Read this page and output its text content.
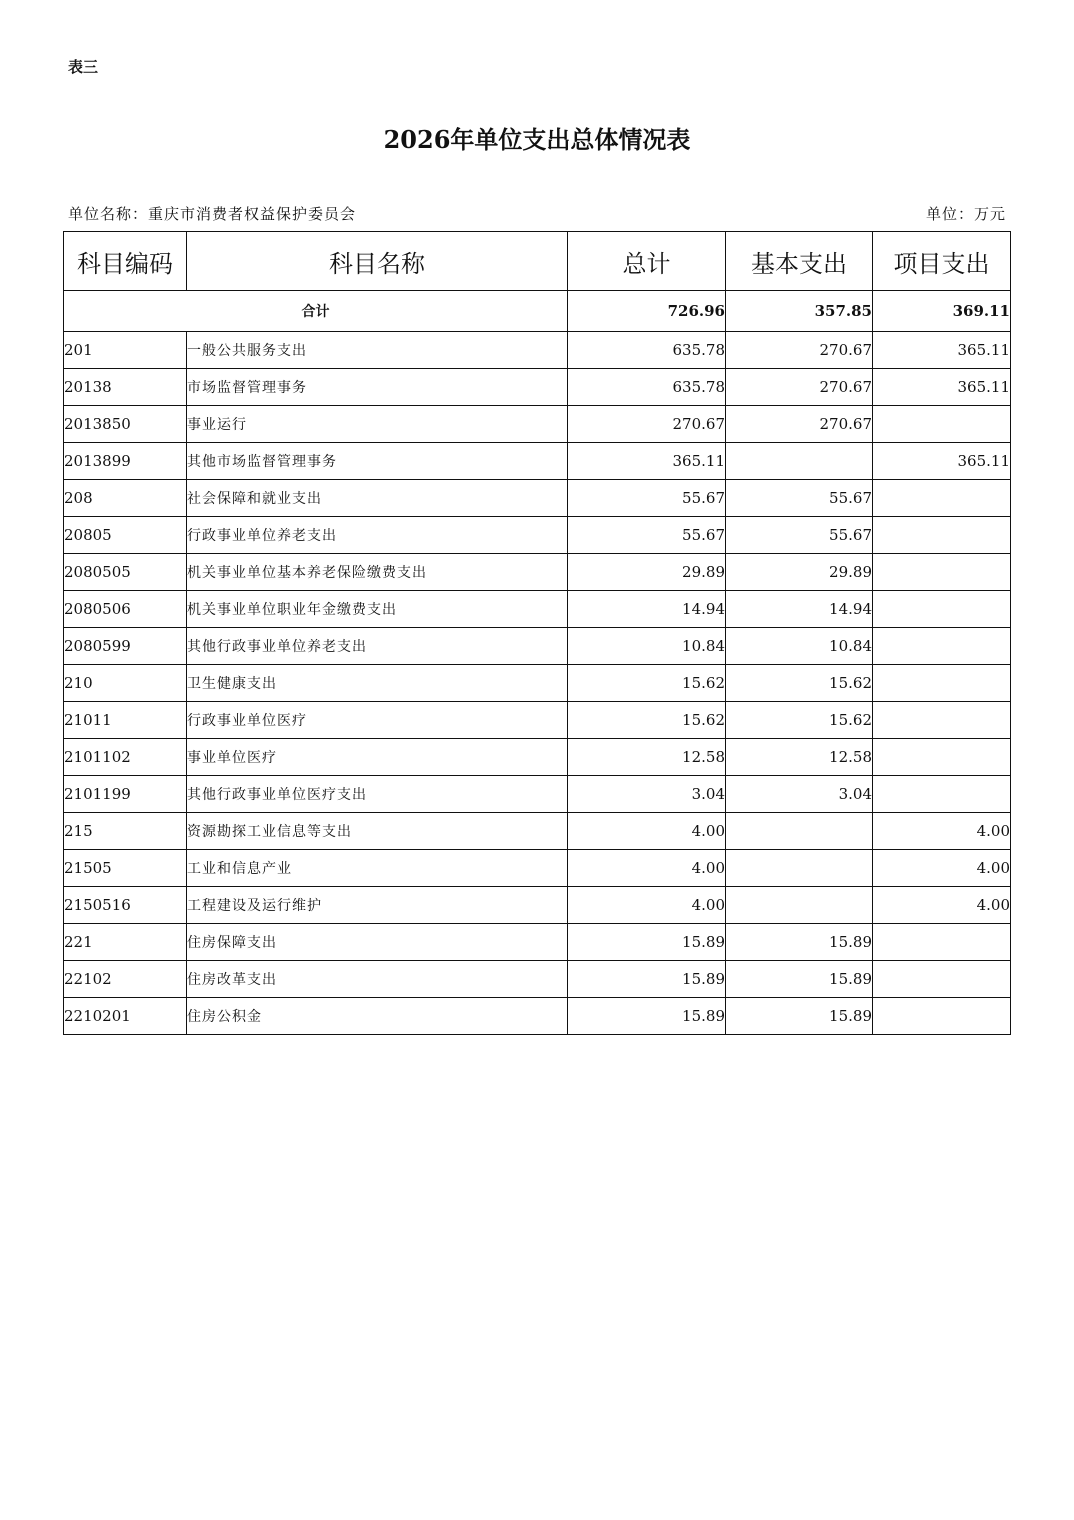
表三
2026年单位支出总体情况表
单位名称：重庆市消费者权益保护委员会	单位：万元
科目编码	科目名称	总计	基本支出	项目支出
合计		726.96	357.85	369.11
201	一般公共服务支出	635.78	270.67	365.11
20138	市场监督管理事务	635.78	270.67	365.11
2013850	事业运行	270.67	270.67	
2013899	其他市场监督管理事务	365.11		365.11
208	社会保障和就业支出	55.67	55.67	
20805	行政事业单位养老支出	55.67	55.67	
2080505	机关事业单位基本养老保险缴费支出	29.89	29.89	
2080506	机关事业单位职业年金缴费支出	14.94	14.94	
2080599	其他行政事业单位养老支出	10.84	10.84	
210	卫生健康支出	15.62	15.62	
21011	行政事业单位医疗	15.62	15.62	
2101102	事业单位医疗	12.58	12.58	
2101199	其他行政事业单位医疗支出	3.04	3.04	
215	资源勘探工业信息等支出	4.00		4.00
21505	工业和信息产业	4.00		4.00
2150516	工程建设及运行维护	4.00		4.00
221	住房保障支出	15.89	15.89	
22102	住房改革支出	15.89	15.89	
2210201	住房公积金	15.89	15.89	
